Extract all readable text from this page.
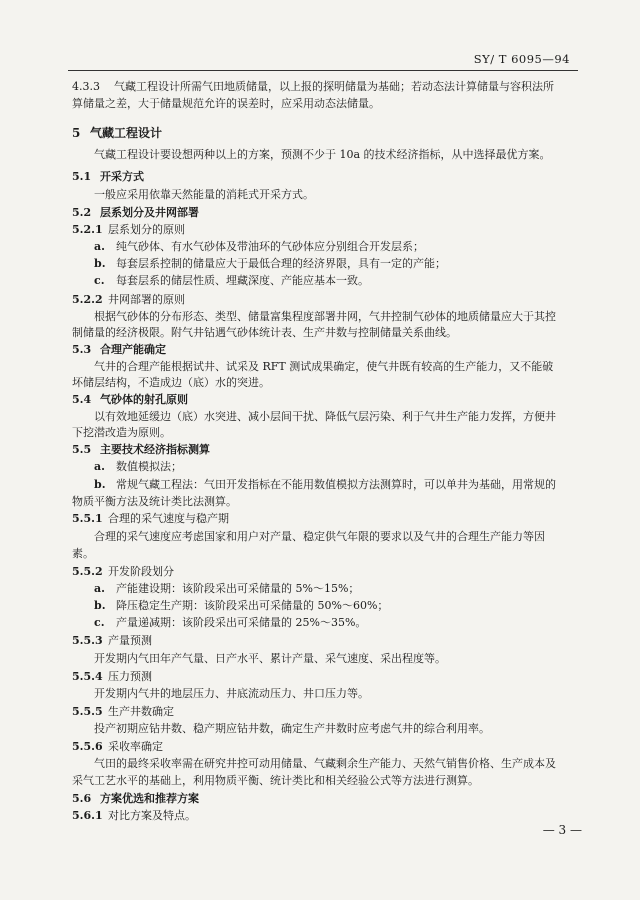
SY/ T 6095—94
4.3.3 气藏工程设计所需气田地质储量，以上报的探明储量为基础；若动态法计算储量与容积法所
算储量之差，大于储量规范允许的误差时，应采用动态法储量。
5 气藏工程设计
气藏工程设计要设想两种以上的方案，预测不少于 10a 的技术经济指标，从中选择最优方案。
5.1 开采方式
一般应采用依靠天然能量的消耗式开采方式。
5.2 层系划分及井网部署
5.2.1 层系划分的原则
a. 纯气砂体、有水气砂体及带油环的气砂体应分别组合开发层系；
b. 每套层系控制的储量应大于最低合理的经济界限，具有一定的产能；
c. 每套层系的储层性质、埋藏深度、产能应基本一致。
5.2.2 井网部署的原则
根据气砂体的分布形态、类型、储量富集程度部署井网，气井控制气砂体的地质储量应大于其控
制储量的经济极限。附气井钻遇气砂体统计表、生产井数与控制储量关系曲线。
5.3 合理产能确定
气井的合理产能根据试井、试采及 RFT 测试成果确定，使气井既有较高的生产能力，又不能破
坏储层结构，不造成边（底）水的突进。
5.4 气砂体的射孔原则
以有效地延缓边（底）水突进、减小层间干扰、降低气层污染、利于气井生产能力发挥，方便井
下挖潜改造为原则。
5.5 主要技术经济指标测算
a. 数值模拟法；
b. 常规气藏工程法：气田开发指标在不能用数值模拟方法测算时，可以单井为基础，用常规的
物质平衡方法及统计类比法测算。
5.5.1 合理的采气速度与稳产期
合理的采气速度应考虑国家和用户对产量、稳定供气年限的要求以及气井的合理生产能力等因
素。
5.5.2 开发阶段划分
a. 产能建设期：该阶段采出可采储量的 5%～15%；
b. 降压稳定生产期：该阶段采出可采储量的 50%～60%；
c. 产量递减期：该阶段采出可采储量的 25%～35%。
5.5.3 产量预测
开发期内气田年产气量、日产水平、累计产量、采气速度、采出程度等。
5.5.4 压力预测
开发期内气井的地层压力、井底流动压力、井口压力等。
5.5.5 生产井数确定
投产初期应钻井数、稳产期应钻井数，确定生产井数时应考虑气井的综合利用率。
5.5.6 采收率确定
气田的最终采收率需在研究井控可动用储量、气藏剩余生产能力、天然气销售价格、生产成本及
采气工艺水平的基础上，利用物质平衡、统计类比和相关经验公式等方法进行测算。
5.6 方案优选和推荐方案
5.6.1 对比方案及特点。
— 3 —
